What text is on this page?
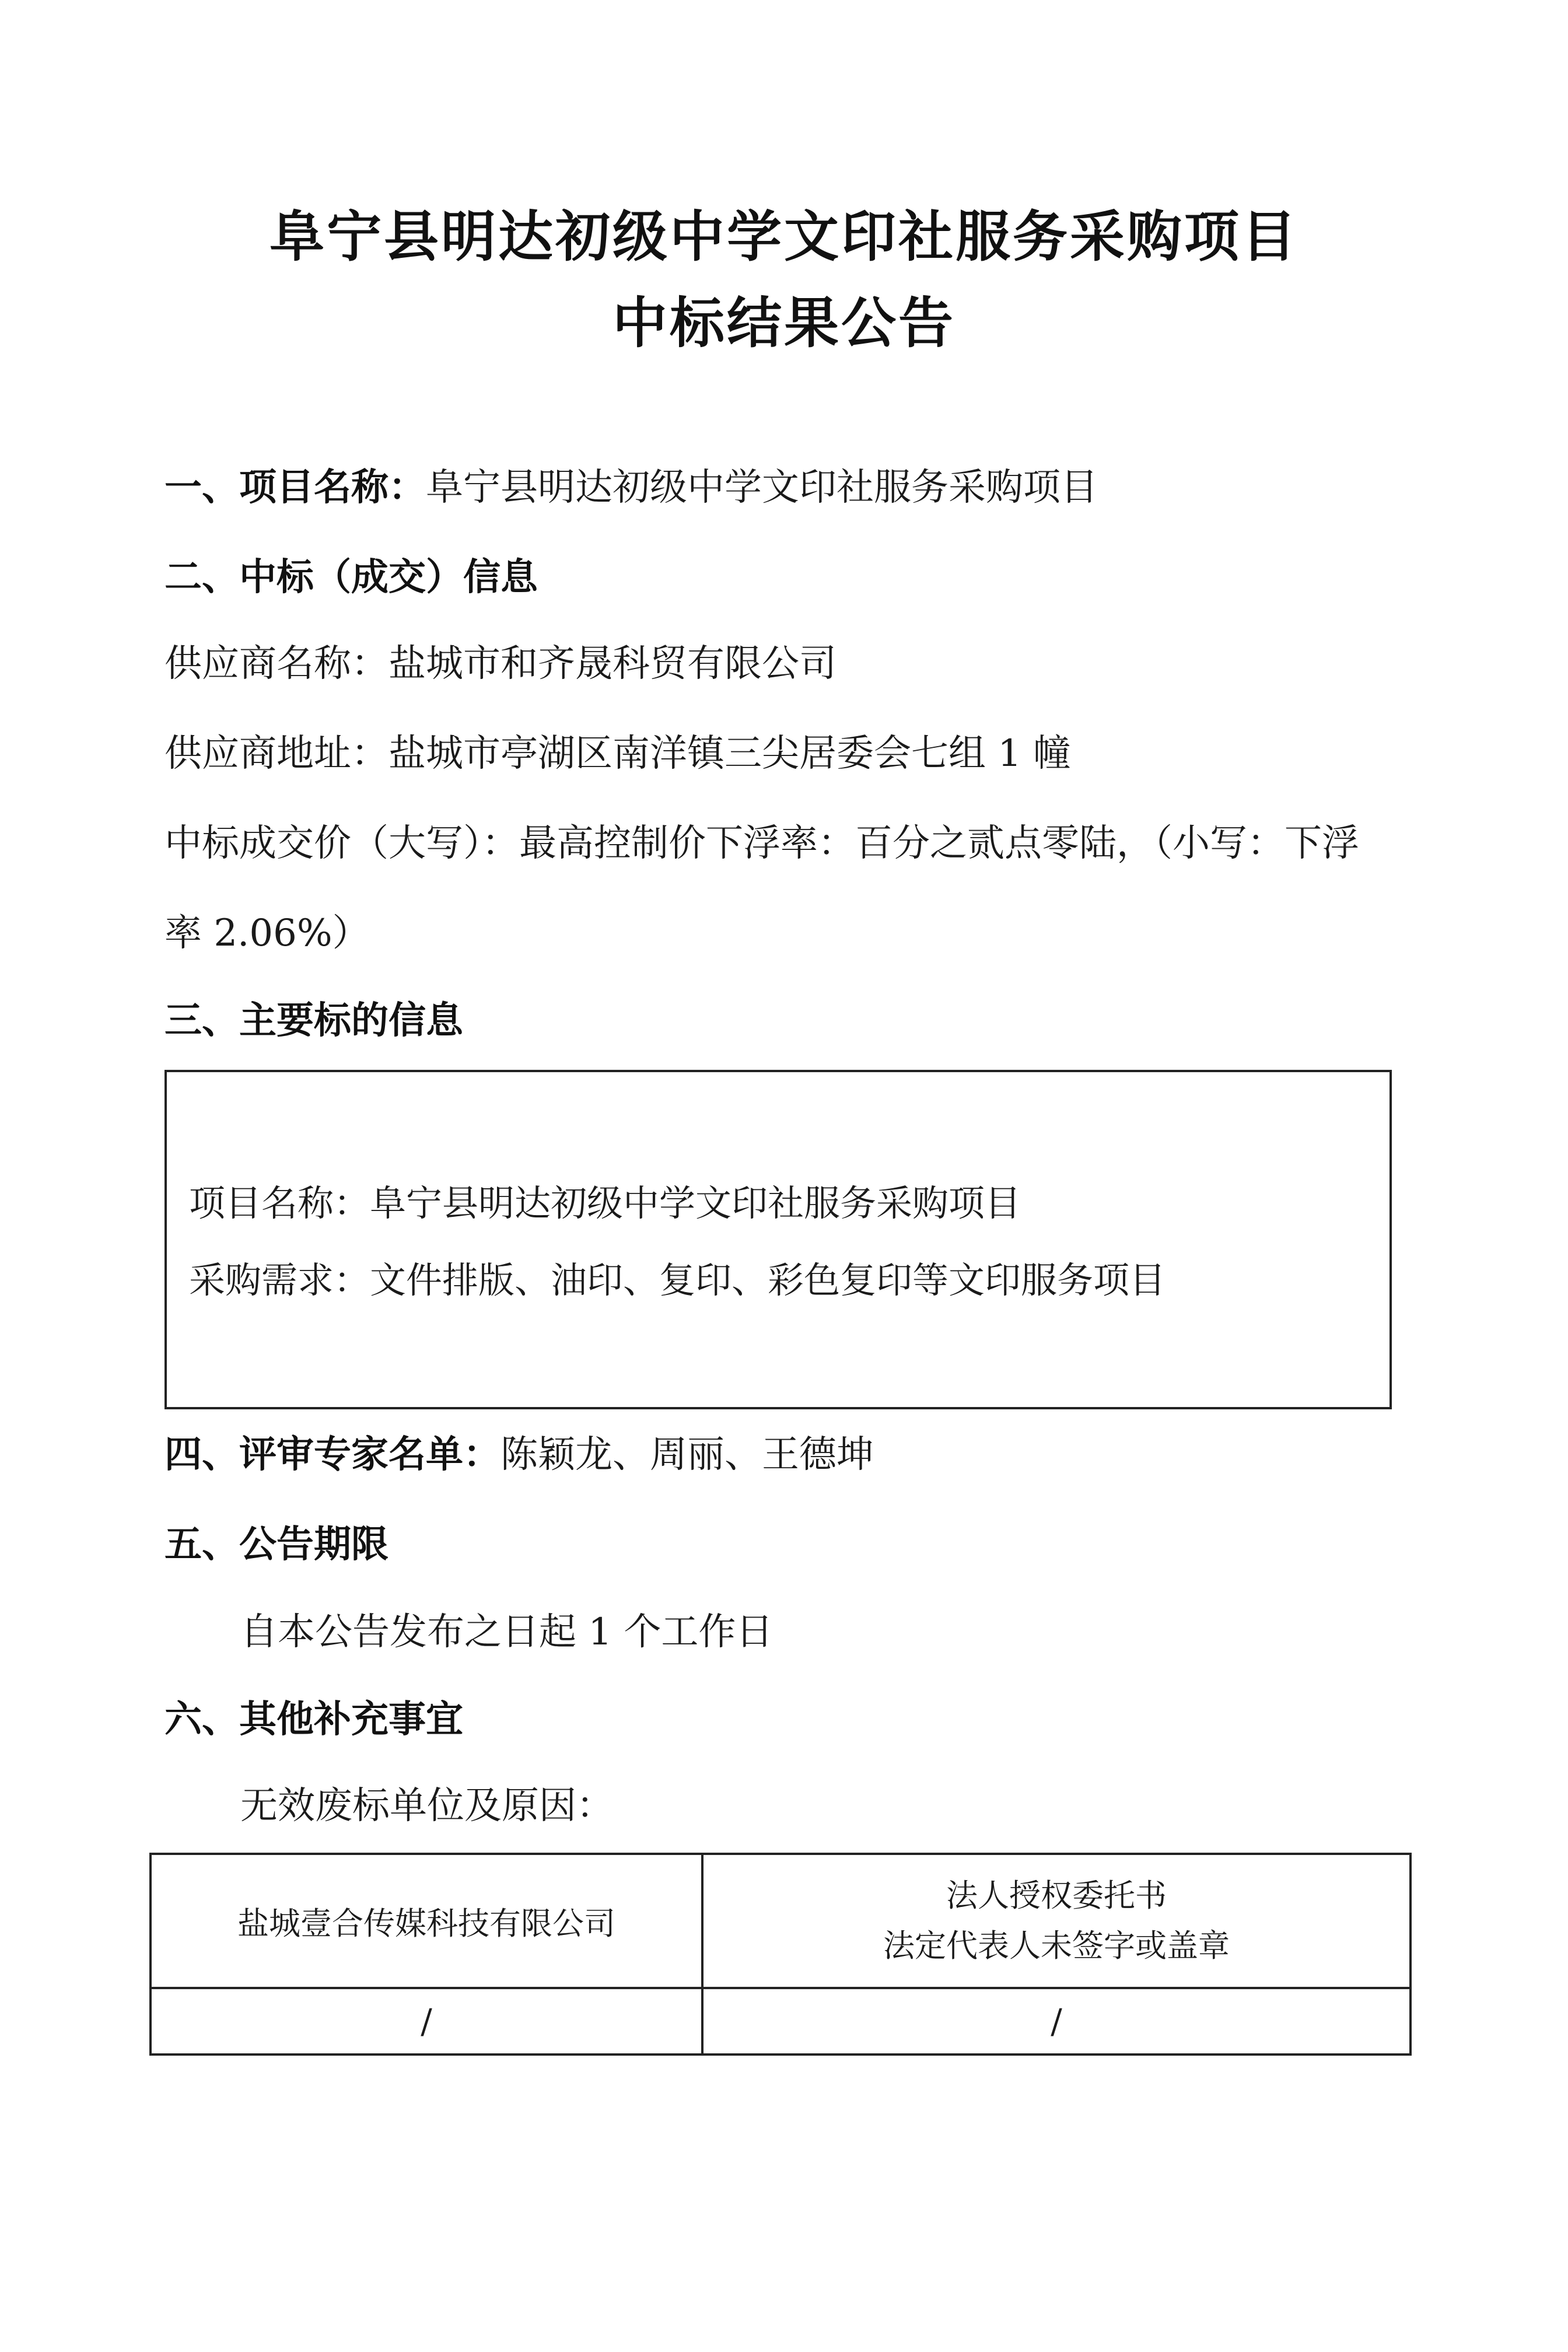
阜宁县明达初级中学文印社服务采购项目
中标结果公告
一、项目名称：阜宁县明达初级中学文印社服务采购项目
二、中标（成交）信息
供应商名称：盐城市和齐晟科贸有限公司
供应商地址：盐城市亭湖区南洋镇三尖居委会七组 1 幢
中标成交价（大写）：最高控制价下浮率：百分之贰点零陆，（小写：下浮
率 2.06%）
三、主要标的信息
项目名称：阜宁县明达初级中学文印社服务采购项目
采购需求：文件排版、油印、复印、彩色复印等文印服务项目
四、评审专家名单：陈颖龙、周丽、王德坤
五、公告期限
自本公告发布之日起 1 个工作日
六、其他补充事宜
无效废标单位及原因：
盐城壹合传媒科技有限公司	法人授权委托书
法定代表人未签字或盖章

/	/
